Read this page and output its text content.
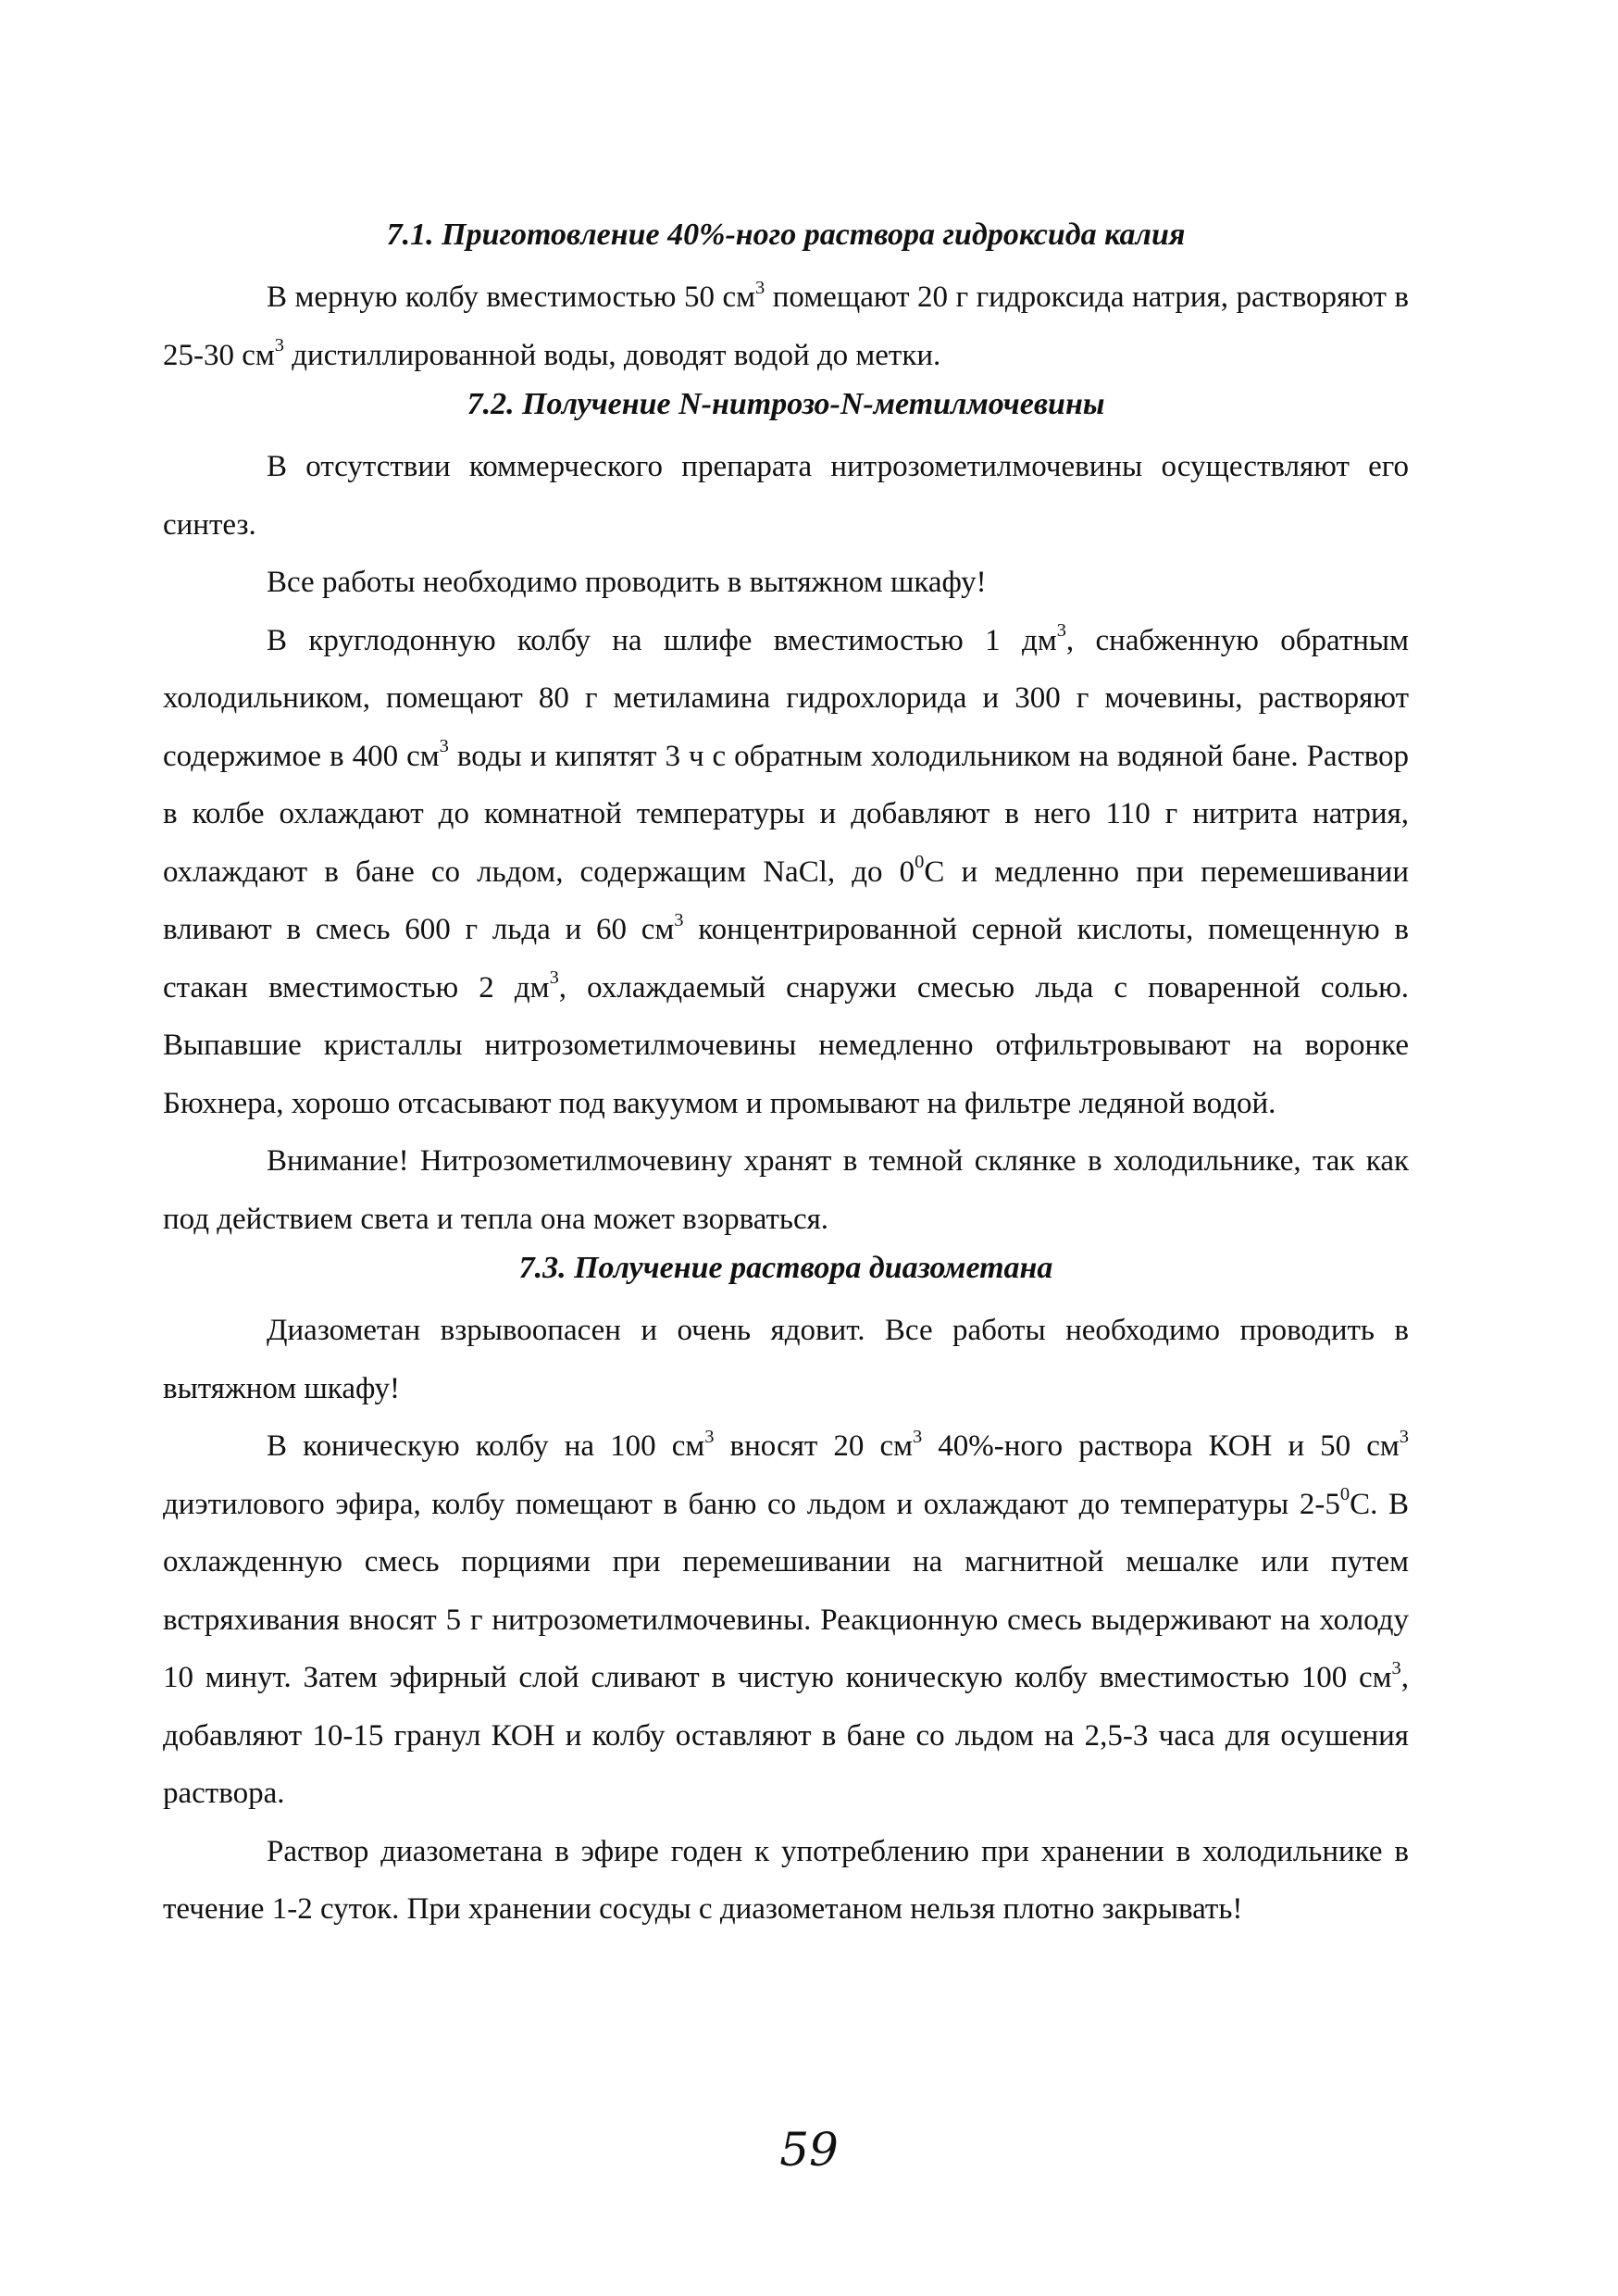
7.1. Приготовление 40%-ного раствора гидроксида калия

В мерную колбу вместимостью 50 $см^3$ помещают 20 г гидроксида натрия, растворяют в 25-30 $см^3$ дистиллированной воды, доводят водой до метки.

7.2. Получение N-нитрозо-N-метилмочевины

В отсутствии коммерческого препарата нитрозометилмочевины осуществляют его синтез.

Все работы необходимо проводить в вытяжном шкафу!

В круглодонную колбу на шлифе вместимостью 1 $дм^3$, снабженную обратным холодильником, помещают 80 г метиламина гидрохлорида и 300 г мочевины, растворяют содержимое в 400 $см^3$ воды и кипятят 3 ч с обратным холодильником на водяной бане. Раствор в колбе охлаждают до комнатной температуры и добавляют в него 110 г нитрита натрия, охлаждают в бане со льдом, содержащим NaCl, до $0^0С$ и медленно при перемешивании вливают в смесь 600 г льда и 60 $см^3$ концентрированной серной кислоты, помещенную в стакан вместимостью 2 $дм^3$, охлаждаемый снаружи смесью льда с поваренной солью. Выпавшие кристаллы нитрозометилмочевины немедленно отфильтровывают на воронке Бюхнера, хорошо отсасывают под вакуумом и промывают на фильтре ледяной водой.

Внимание! Нитрозометилмочевину хранят в темной склянке в холодильнике, так как под действием света и тепла она может взорваться.

7.3. Получение раствора диазометана

Диазометан взрывоопасен и очень ядовит. Все работы необходимо проводить в вытяжном шкафу!

В коническую колбу на 100 $см^3$ вносят 20 $см^3$ 40%-ного раствора КОН и 50 $см^3$ диэтилового эфира, колбу помещают в баню со льдом и охлаждают до температуры $2-5^0С$. В охлажденную смесь порциями при перемешивании на магнитной мешалке или путем встряхивания вносят 5 г нитрозометилмочевины. Реакционную смесь выдерживают на холоду 10 минут. Затем эфирный слой сливают в чистую коническую колбу вместимостью 100 $см^3$, добавляют 10-15 гранул КОН и колбу оставляют в бане со льдом на 2,5-3 часа для осушения раствора.

Раствор диазометана в эфире годен к употреблению при хранении в холодильнике в течение 1-2 суток. При хранении сосуды с диазометаном нельзя плотно закрывать!

59
